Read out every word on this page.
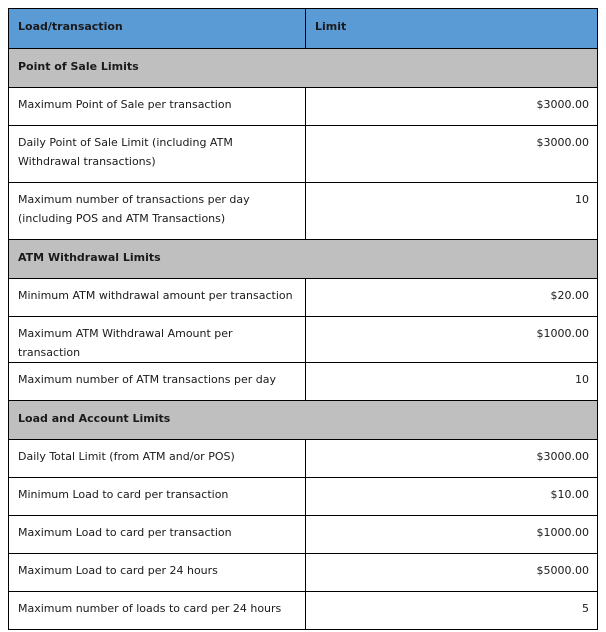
Load/transaction	Limit
Point of Sale Limits	
Maximum Point of Sale per transaction	$3000.00
Daily Point of Sale Limit (including ATM Withdrawal transactions)	$3000.00
Maximum number of transactions per day (including POS and ATM Transactions)	10
ATM Withdrawal Limits	
Minimum ATM withdrawal amount per transaction	$20.00
Maximum ATM Withdrawal Amount per transaction	$1000.00
Maximum number of ATM transactions per day	10
Load and Account Limits	
Daily Total Limit (from ATM and/or POS)	$3000.00
Minimum Load to card per transaction	$10.00
Maximum Load to card per transaction	$1000.00
Maximum Load to card per 24 hours	$5000.00
Maximum number of loads to card per 24 hours	5
